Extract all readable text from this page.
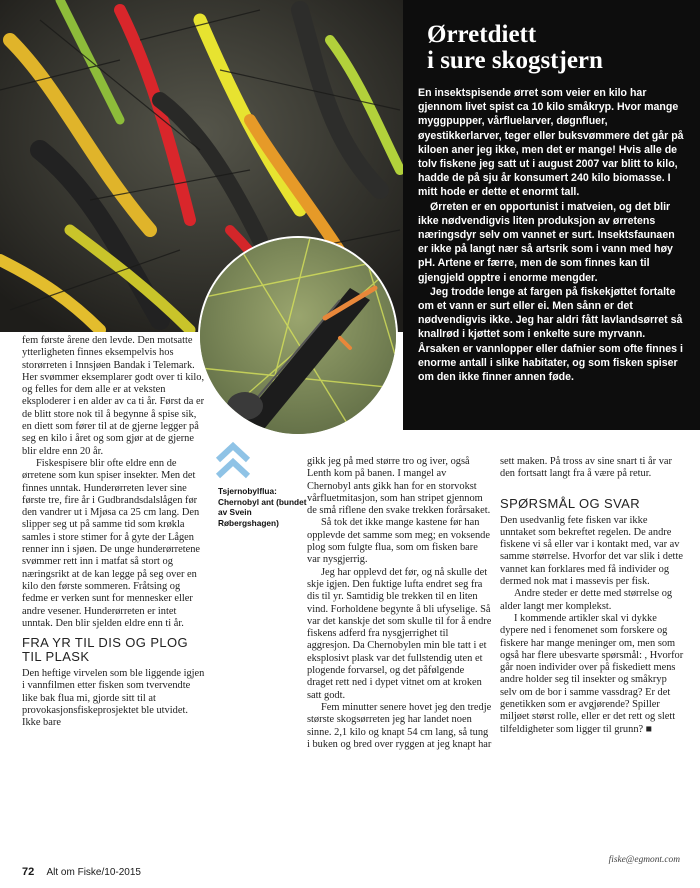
Ørretdiett
i sure skogstjern

En insektspisende ørret som veier en kilo har gjennom livet spist ca 10 kilo småkryp. Hvor mange myggpupper, vårfluelarver, døgnfluer, øyestikkerlarver, teger eller buksvømmere det går på kiloen aner jeg ikke, men det er mange! Hvis alle de tolv fiskene jeg satt ut i august 2007 var blitt to kilo, hadde de på sju år konsumert 240 kilo biomasse. I mitt hode er dette et enormt tall.

Ørreten er en opportunist i matveien, og det blir ikke nødvendigvis liten produksjon av ørretens næringsdyr selv om vannet er surt. Insektsfaunaen er ikke på langt nær så artsrik som i vann med høy pH. Artene er færre, men de som finnes kan til gjengjeld opptre i enorme mengder.

Jeg trodde lenge at fargen på fiskekjøttet fortalte om et vann er surt eller ei. Men sånn er det nødvendigvis ikke. Jeg har aldri fått lavlandsørret så knallrød i kjøttet som i enkelte sure myrvann. Årsaken er vannlopper eller dafnier som ofte finnes i enorme antall i slike habitater, og som fisken spiser om den ikke finner annen føde.

Tsjernobylflua:
Chernobyl ant (bundet av Svein Røbergshagen)

fem første årene den levde. Den motsatte ytterligheten finnes eksempelvis hos storørreten i Innsjøen Bandak i Telemark. Her svømmer eksemplarer godt over ti kilo, og felles for dem alle er at veksten eksploderer i en alder av ca ti år. Først da er de blitt store nok til å begynne å spise sik, en diett som fører til at de gjerne legger på seg en kilo i året og som gjør at de gjerne blir eldre enn 20 år.

Fiskespisere blir ofte eldre enn de ørretene som kun spiser insekter. Men det finnes unntak. Hunderørreten lever sine første tre, fire år i Gudbrandsdalslågen før den vandrer ut i Mjøsa ca 25 cm lang. Den slipper seg ut på samme tid som krøkla samles i store stimer for å gyte der Lågen renner inn i sjøen. De unge hunderørretene svømmer rett inn i matfat så stort og næringsrikt at de kan legge på seg over en kilo den første sommeren. Fråtsing og fedme er verken sunt for mennesker eller andre vesener. Hunderørreten er intet unntak. Den blir sjelden eldre enn ti år.

FRA YR TIL DIS OG PLOG TIL PLASK

Den heftige virvelen som ble liggende igjen i vannfilmen etter fisken som tvervendte like bak flua mi, gjorde sitt til at provokasjonsfiskeprosjektet ble utvidet. Ikke bare

gikk jeg på med større tro og iver, også Lenth kom på banen. I mangel av Chernobyl ants gikk han for en storvokst vårfluetmitasjon, som han stripet gjennom de små riflene den svake trekken forårsaket.

Så tok det ikke mange kastene før han opplevde det samme som meg; en voksende plog som fulgte flua, som om fisken bare var nysgjerrig.

Jeg har opplevd det før, og nå skulle det skje igjen. Den fuktige lufta endret seg fra dis til yr. Samtidig ble trekken til en liten vind. Forholdene begynte å bli ufyselige. Så var det kanskje det som skulle til for å endre fiskens adferd fra nysgjerrighet til aggresjon. Da Chernobylen min ble tatt i et eksplosivt plask var det fullstendig uten et plogende forvarsel, og det påfølgende draget rett ned i dypet vitnet om at kroken satt godt.

Fem minutter senere hovet jeg den tredje største skogsørreten jeg har landet noen sinne. 2,1 kilo og knapt 54 cm lang, så tung i buken og bred over ryggen at jeg knapt har

sett maken. På tross av sine snart ti år var den fortsatt langt fra å være på retur.

SPØRSMÅL OG SVAR

Den usedvanlig fete fisken var ikke unntaket som bekreftet regelen. De andre fiskene vi så eller var i kontakt med, var av samme størrelse. Hvorfor det var slik i dette vannet kan forklares med få individer og dermed nok mat i massevis per fisk.

Andre steder er dette med størrelse og alder langt mer komplekst.

I kommende artikler skal vi dykke dypere ned i fenomenet som forskere og fiskere har mange meninger om, men som også har flere ubesvarte spørsmål: , Hvorfor går noen individer over på fiskediett mens andre holder seg til insekter og småkryp selv om de bor i samme vassdrag? Er det genetikken som er avgjørende? Spiller miljøet størst rolle, eller er det rett og slett tilfeldigheter som ligger til grunn? ■

fiske@egmont.com
72 Alt om Fiske/10-2015
